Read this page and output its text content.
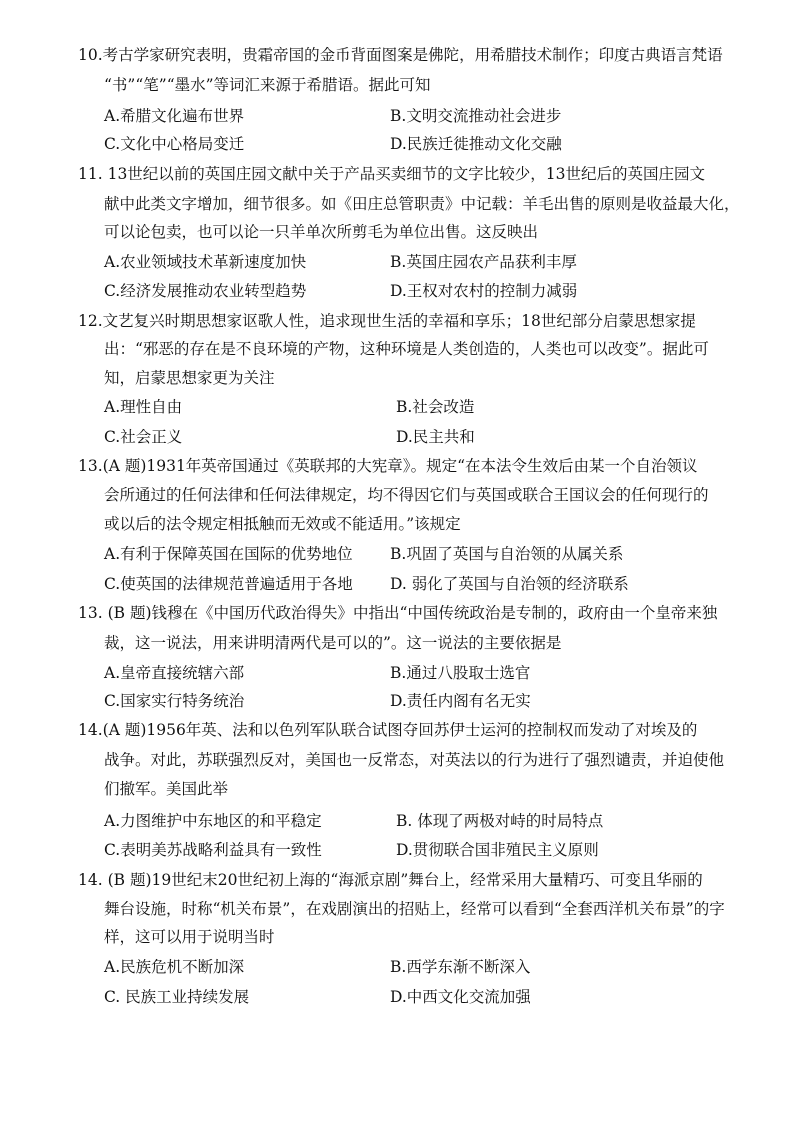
10.考古学家研究表明，贵霜帝国的金币背面图案是佛陀，用希腊技术制作；印度古典语言梵语
“书”“笔”“墨水”等词汇来源于希腊语。据此可知
A.希腊文化遍布世界	B.文明交流推动社会进步
C.文化中心格局变迁	D.民族迁徙推动文化交融
11. 13世纪以前的英国庄园文献中关于产品买卖细节的文字比较少，13世纪后的英国庄园文
献中此类文字增加，细节很多。如《田庄总管职责》中记载：羊毛出售的原则是收益最大化，
可以论包卖，也可以论一只羊单次所剪毛为单位出售。这反映出
A.农业领域技术革新速度加快	B.英国庄园农产品获利丰厚
C.经济发展推动农业转型趋势	D.王权对农村的控制力减弱
12.文艺复兴时期思想家讴歌人性，追求现世生活的幸福和享乐；18世纪部分启蒙思想家提
出：“邪恶的存在是不良环境的产物，这种环境是人类创造的，人类也可以改变”。据此可
知，启蒙思想家更为关注
A.理性自由	B.社会改造
C.社会正义	D.民主共和
13.(A 题)1931年英帝国通过《英联邦的大宪章》。规定“在本法令生效后由某一个自治领议
会所通过的任何法律和任何法律规定，均不得因它们与英国或联合王国议会的任何现行的
或以后的法令规定相抵触而无效或不能适用。”该规定
A.有利于保障英国在国际的优势地位 B.巩固了英国与自治领的从属关系
C.使英国的法律规范普遍适用于各地 D. 弱化了英国与自治领的经济联系
13. (B 题)钱穆在《中国历代政治得失》中指出“中国传统政治是专制的，政府由一个皇帝来独
裁，这一说法，用来讲明清两代是可以的”。这一说法的主要依据是
A.皇帝直接统辖六部	B.通过八股取士选官
C.国家实行特务统治	D.责任内阁有名无实
14.(A 题)1956年英、法和以色列军队联合试图夺回苏伊士运河的控制权而发动了对埃及的
战争。对此，苏联强烈反对，美国也一反常态，对英法以的行为进行了强烈谴责，并迫使他
们撤军。美国此举
A.力图维护中东地区的和平稳定	B. 体现了两极对峙的时局特点
C.表明美苏战略利益具有一致性	D.贯彻联合国非殖民主义原则
14. (B 题)19世纪末20世纪初上海的“海派京剧”舞台上，经常采用大量精巧、可变且华丽的
舞台设施，时称“机关布景”，在戏剧演出的招贴上，经常可以看到“全套西洋机关布景”的字
样，这可以用于说明当时
A.民族危机不断加深	B.西学东渐不断深入
C. 民族工业持续发展	D.中西文化交流加强
